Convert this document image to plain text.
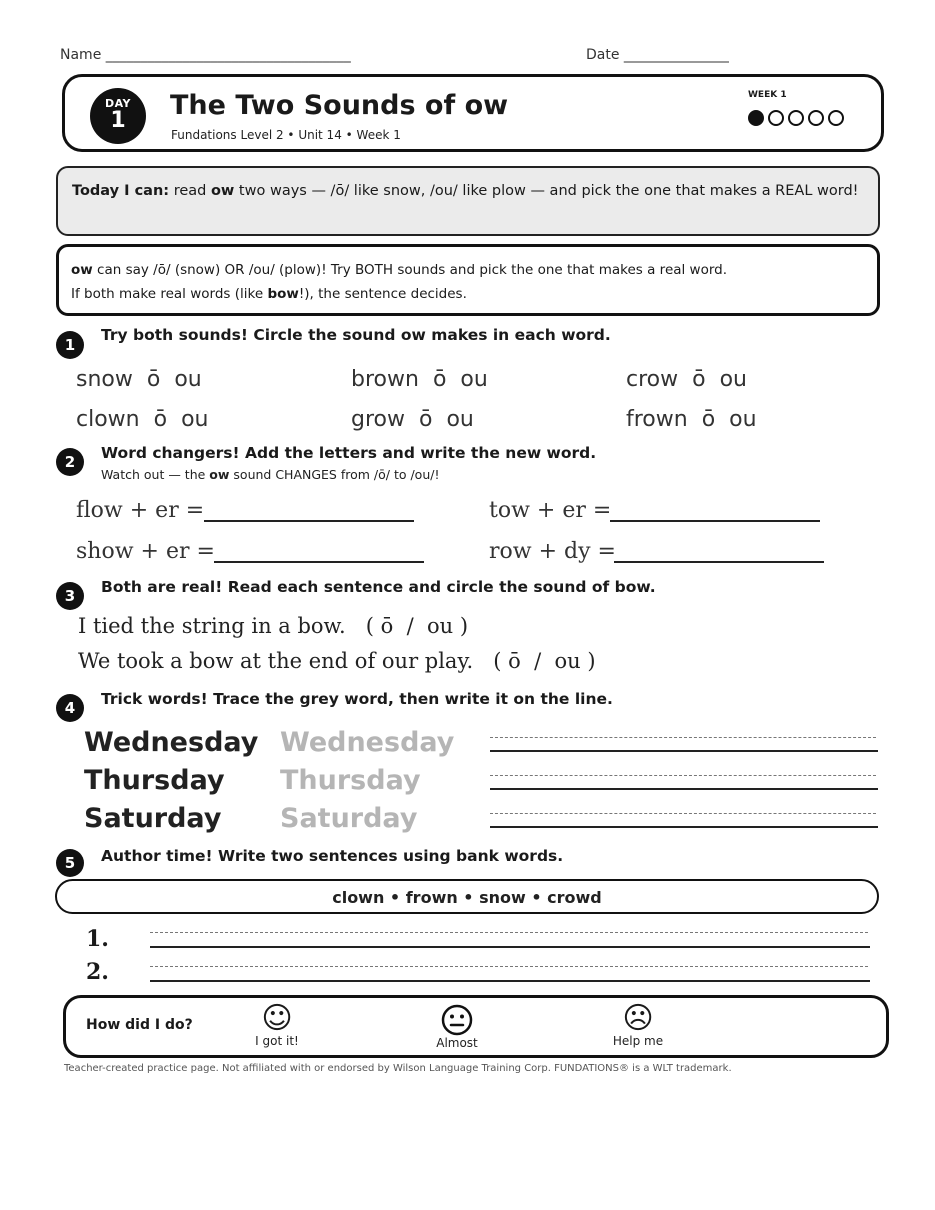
Name ___________________________________	Date _______________
DAY
1	The Two Sounds of ow
Fundations Level 2 • Unit 14 • Week 1
WEEK 1
Today I can: read ow two ways — /ō/ like snow, /ou/ like plow — and pick the one that makes a REAL word!
ow can say /ō/ (snow) OR /ou/ (plow)! Try BOTH sounds and pick the one that makes a real word.
If both make real words (like bow!), the sentence decides.
1
Try both sounds! Circle the sound ow makes in each word.
snow ō ou	brown ō ou	crow ō ou
clown ō ou	grow ō ou	frown ō ou
2	Word changers! Add the letters and write the new word.
Watch out — the ow sound CHANGES from /ō/ to /ou/!
flow + er =	tow + er =
show + er =	row + dy =
3	Both are real! Read each sentence and circle the sound of bow.
I tied the string in a bow.   ( ō  /  ou )
We took a bow at the end of our play.   ( ō  /  ou )
4	Trick words! Trace the grey word, then write it on the line.
Wednesday Wednesday
Thursday Thursday
Saturday Saturday
5	Author time! Write two sentences using bank words.
clown • frown • snow • crowd
1.
2.
How did I do?	☺
I got it!	Almost
☹
Help me
Teacher-created practice page. Not affiliated with or endorsed by Wilson Language Training Corp. FUNDATIONS® is a WLT trademark.
